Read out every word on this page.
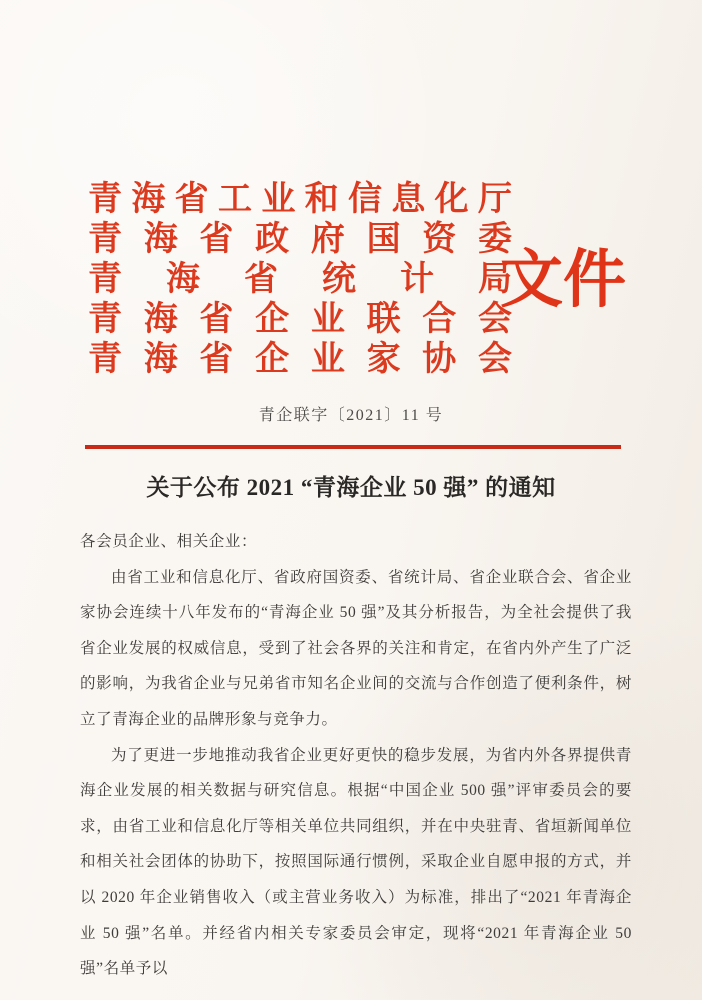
青海省工业和信息化厅
青海省政府国资委
青海省统计局
青海省企业联合会
青海省企业家协会
文件
青企联字〔2021〕11 号
关于公布 2021 “青海企业 50 强” 的通知

各会员企业、相关企业：

由省工业和信息化厅、省政府国资委、省统计局、省企业联合会、省企业家协会连续十八年发布的“青海企业 50 强”及其分析报告，为全社会提供了我省企业发展的权威信息，受到了社会各界的关注和肯定，在省内外产生了广泛的影响，为我省企业与兄弟省市知名企业间的交流与合作创造了便利条件，树立了青海企业的品牌形象与竞争力。

为了更进一步地推动我省企业更好更快的稳步发展，为省内外各界提供青海企业发展的相关数据与研究信息。根据“中国企业 500 强”评审委员会的要求，由省工业和信息化厅等相关单位共同组织，并在中央驻青、省垣新闻单位和相关社会团体的协助下，按照国际通行惯例，采取企业自愿申报的方式，并以 2020 年企业销售收入（或主营业务收入）为标准，排出了“2021 年青海企业 50 强”名单。并经省内相关专家委员会审定，现将“2021 年青海企业 50 强”名单予以
